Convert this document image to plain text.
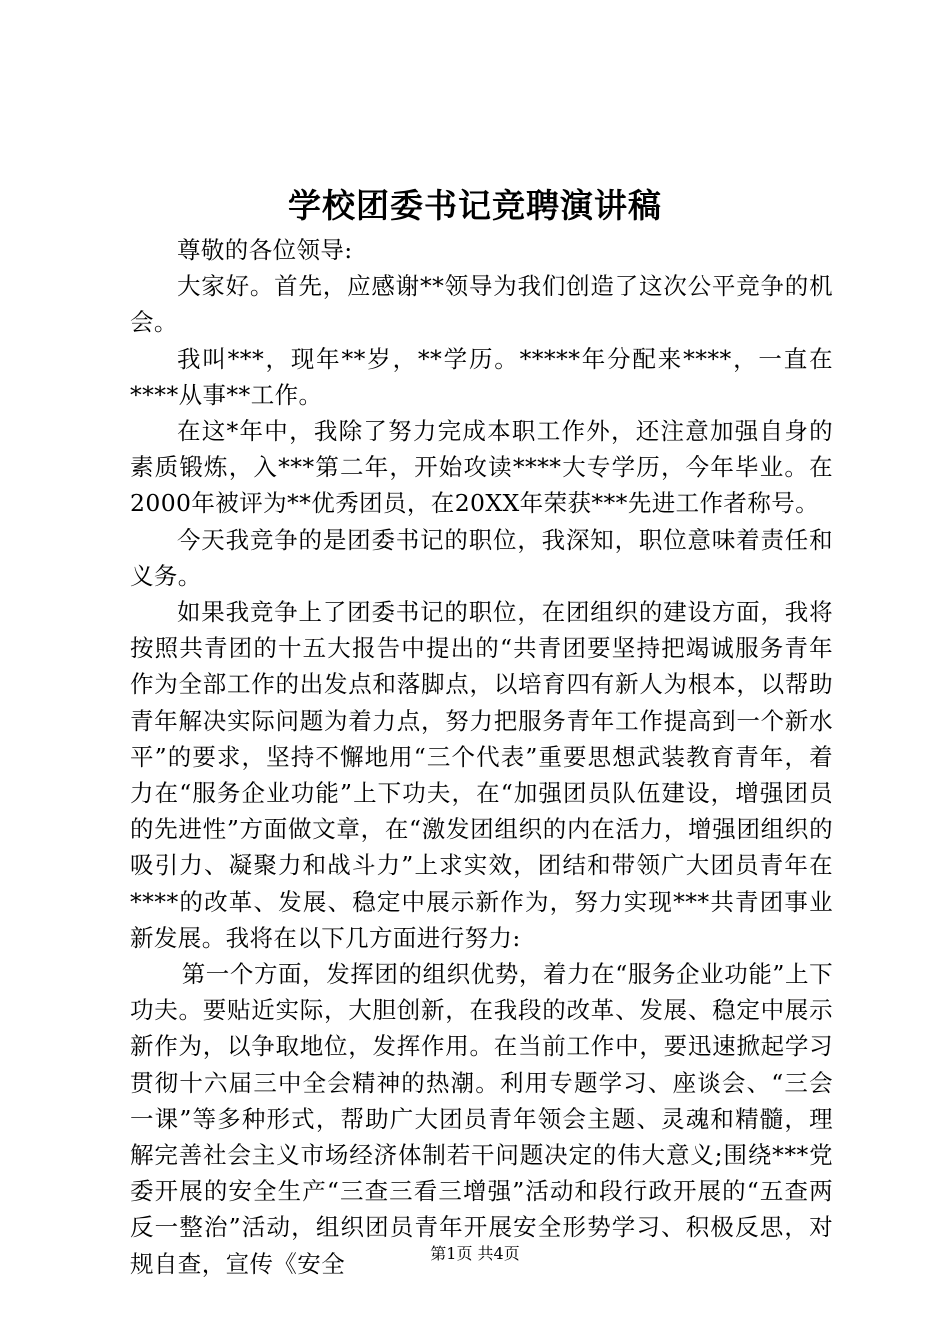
学校团委书记竞聘演讲稿

尊敬的各位领导:

大家好。首先，应感谢**领导为我们创造了这次公平竞争的机会。

我叫***，现年**岁，**学历。*****年分配来****，一直在****从事**工作。

在这*年中，我除了努力完成本职工作外，还注意加强自身的素质锻炼，入***第二年，开始攻读****大专学历，今年毕业。在2000年被评为**优秀团员，在20XX年荣获***先进工作者称号。

今天我竞争的是团委书记的职位，我深知，职位意味着责任和义务。

如果我竞争上了团委书记的职位，在团组织的建设方面，我将按照共青团的十五大报告中提出的“共青团要坚持把竭诚服务青年作为全部工作的出发点和落脚点，以培育四有新人为根本，以帮助青年解决实际问题为着力点，努力把服务青年工作提高到一个新水平”的要求，坚持不懈地用“三个代表”重要思想武装教育青年，着力在“服务企业功能”上下功夫，在“加强团员队伍建设，增强团员的先进性”方面做文章，在“激发团组织的内在活力，增强团组织的吸引力、凝聚力和战斗力”上求实效，团结和带领广大团员青年在****的改革、发展、稳定中展示新作为，努力实现***共青团事业新发展。我将在以下几方面进行努力:

第一个方面，发挥团的组织优势，着力在“服务企业功能”上下功夫。要贴近实际，大胆创新，在我段的改革、发展、稳定中展示新作为，以争取地位，发挥作用。在当前工作中，要迅速掀起学习贯彻十六届三中全会精神的热潮。利用专题学习、座谈会、“三会一课”等多种形式，帮助广大团员青年领会主题、灵魂和精髓，理解完善社会主义市场经济体制若干问题决定的伟大意义;围绕***党委开展的安全生产“三查三看三增强”活动和段行政开展的“五查两反一整治”活动，组织团员青年开展安全形势学习、积极反思，对规自查，宣传《安全	第1页 共4页
